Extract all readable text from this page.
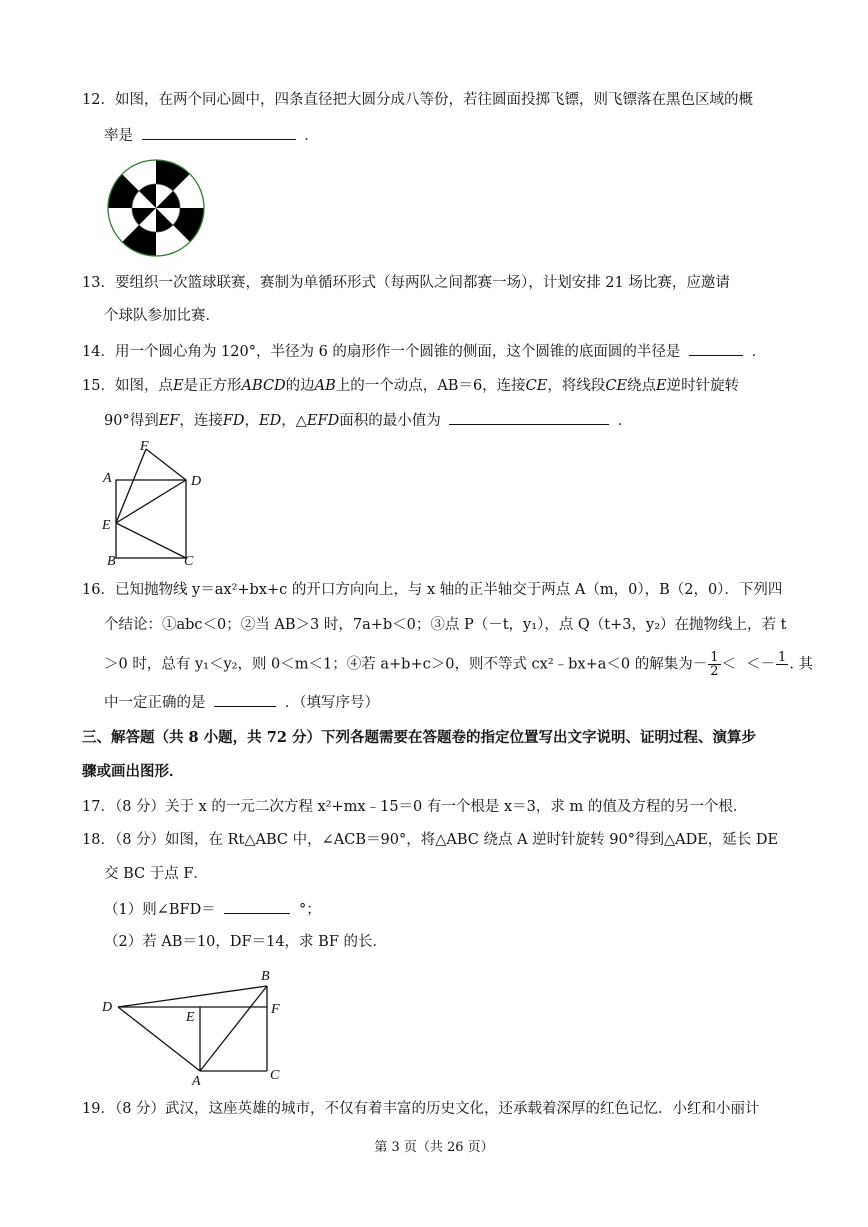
12．如图，在两个同心圆中，四条直径把大圆分成八等份，若往圆面投掷飞镖，则飞镖落在黑色区域的概
率是	．
13．要组织一次篮球联赛，赛制为单循环形式（每两队之间都赛一场），计划安排 21 场比赛，应邀请
个球队参加比赛．
14．用一个圆心角为 120°，半径为 6 的扇形作一个圆锥的侧面，这个圆锥的底面圆的半径是	．
15．如图，点E是正方形ABCD的边AB上的一个动点，AB＝6，连接CE，将线段CE绕点E逆时针旋转
90°得到EF，连接FD，ED，△EFD面积的最小值为	．
F
A	D
E
B	C
16．已知抛物线 y＝ax²+bx+c 的开口方向向上，与 x 轴的正半轴交于两点 A（m，0），B（2，0）．下列四
个结论：①abc＜0；②当 AB＞3 时，7a+b＜0；③点 P（－t，y₁），点 Q（t+3，y₂）在抛物线上，若 t
＞0 时，总有 y₁＜y₂，则 0＜m＜1；④若 a+b+c＞0，则不等式 cx²﹣bx+a＜0 的解集为－ $\frac{1}{2}$ ＜ ＜－ 1 . 其
中一定正确的是	．（填写序号）
三、解答题（共 8 小题，共 72 分）下列各题需要在答题卷的指定位置写出文字说明、证明过程、演算步
骤或画出图形．
17．（8 分）关于 x 的一元二次方程 x²+mx﹣15＝0 有一个根是 x＝3，求 m 的值及方程的另一个根．
18．（8 分）如图，在 Rt△ABC 中，∠ACB＝90°，将△ABC 绕点 A 逆时针旋转 90°得到△ADE，延长 DE
交 BC 于点 F．
（1）则∠BFD＝	°；
（2）若 AB＝10，DF＝14，求 BF 的长．
B
D
E
F
A	C
19．（8 分）武汉，这座英雄的城市，不仅有着丰富的历史文化，还承载着深厚的红色记忆．小红和小丽计
第 3 页（共 26 页）
